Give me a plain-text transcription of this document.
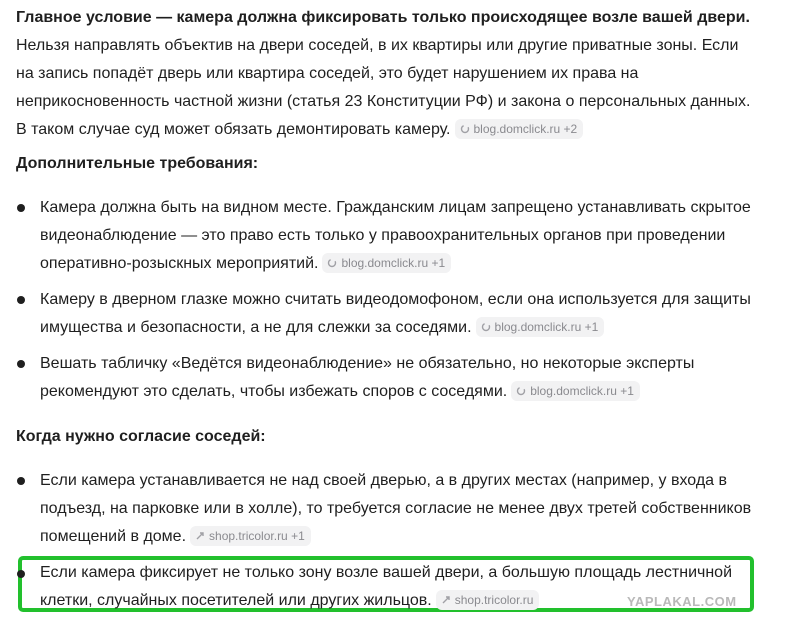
Главное условие — камера должна фиксировать только происходящее возле вашей двери.
Нельзя направлять объектив на двери соседей, в их квартиры или другие приватные зоны. Если
на запись попадёт дверь или квартира соседей, это будет нарушением их права на
неприкосновенность частной жизни (статья 23 Конституции РФ) и закона о персональных данных.
В таком случае суд может обязать демонтировать камеру. blog.domclick.ru +2
Дополнительные требования:
Камера должна быть на видном месте. Гражданским лицам запрещено устанавливать скрытое
видеонаблюдение — это право есть только у правоохранительных органов при проведении
оперативно-розыскных мероприятий. blog.domclick.ru +1
Камеру в дверном глазке можно считать видеодомофоном, если она используется для защиты
имущества и безопасности, а не для слежки за соседями. blog.domclick.ru +1
Вешать табличку «Ведётся видеонаблюдение» не обязательно, но некоторые эксперты
рекомендуют это сделать, чтобы избежать споров с соседями. blog.domclick.ru +1
Когда нужно согласие соседей:
Если камера устанавливается не над своей дверью, а в других местах (например, у входа в
подъезд, на парковке или в холле), то требуется согласие не менее двух третей собственников
помещений в доме. shop.tricolor.ru +1
Если камера фиксирует не только зону возле вашей двери, а большую площадь лестничной
клетки, случайных посетителей или других жильцов. shop.tricolor.ru	YAPLAKAL.COM
